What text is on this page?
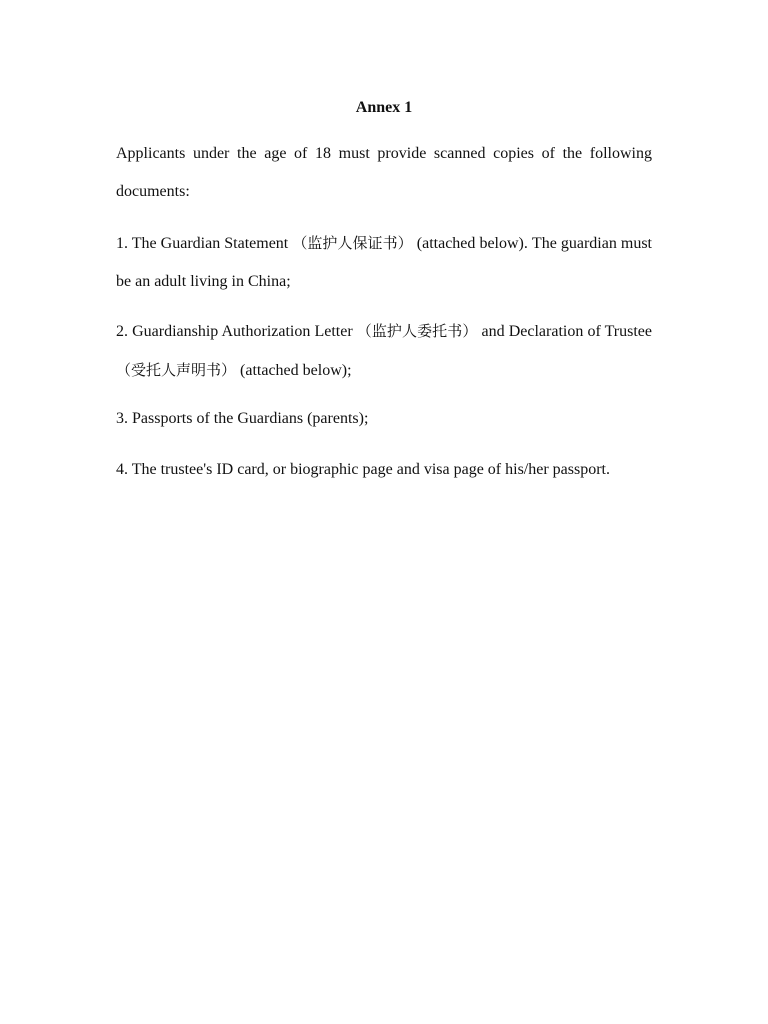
Annex 1

Applicants under the age of 18 must provide scanned copies of the following documents:

1. The Guardian Statement （监护人保证书） (attached below). The guardian must be an adult living in China;

2. Guardianship Authorization Letter （监护人委托书） and Declaration of Trustee（受托人声明书） (attached below);

3. Passports of the Guardians (parents);

4. The trustee's ID card, or biographic page and visa page of his/her passport.
